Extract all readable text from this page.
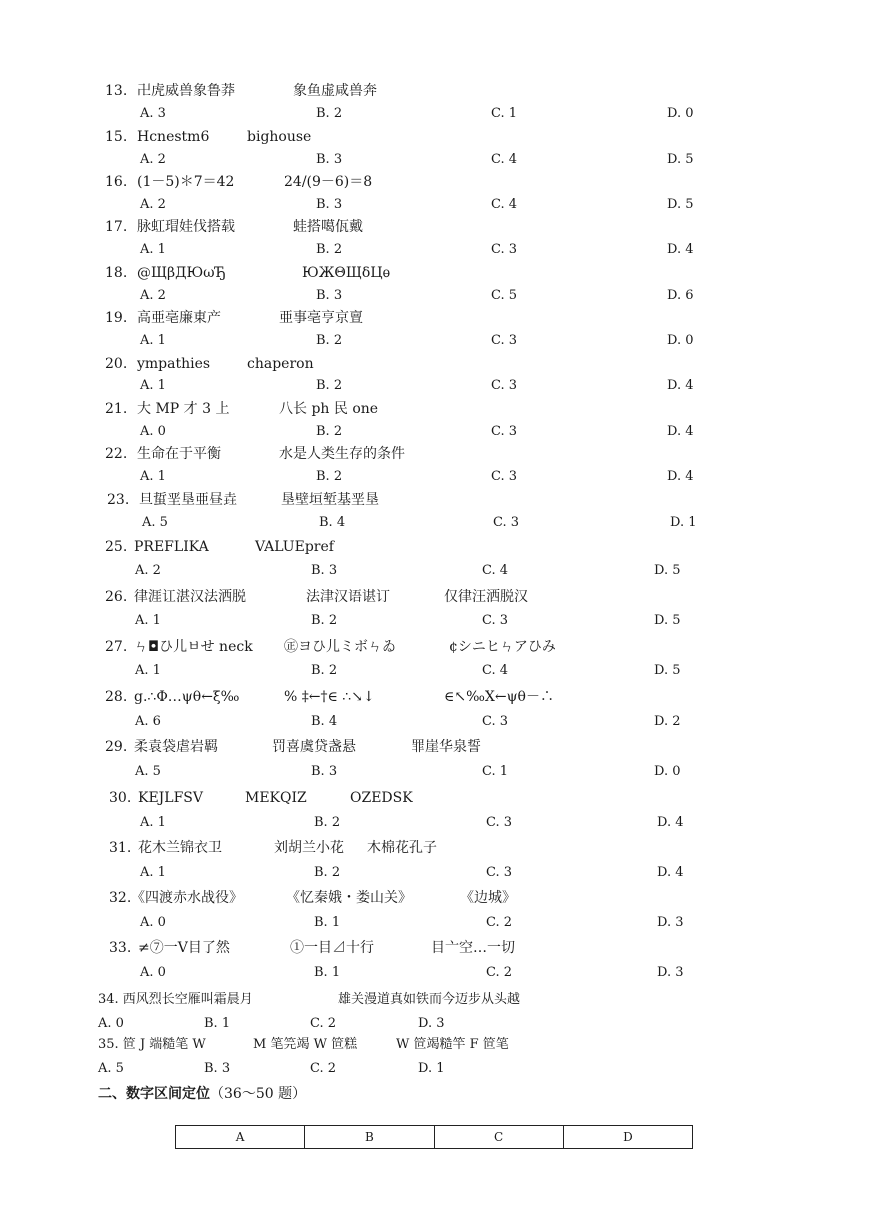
13. 卍虎威兽象鲁莽	象鱼虚咸兽奔
A. 3	B. 2	C. 1	D. 0
15. Hcnestm6	bighouse
A. 2	B. 3	C. 4	D. 5
16. (1－5)＊7＝42	24/(9－6)＝8
A. 2	B. 3	C. 4	D. 5
17. 脉虹瑁娃伐搭载	蛙搭噶佤戴
A. 1	B. 2	C. 3	D. 4
18. @ЩβДЮωЂ	ЮЖΘЩδЦѳ
A. 2	B. 3	C. 5	D. 6
19. 高亜亳廉東产	亜事亳亨京亶
A. 1	B. 2	C. 3	D. 0
20. ympathies	chaperon
A. 1	B. 2	C. 3	D. 4
21. 大 MP 才 3 上	八长 ph 民 one
A. 0	B. 2	C. 3	D. 4
22. 生命在于平衡	水是人类生存的条件
A. 1	B. 2	C. 3	D. 4
23. 旦蜇垩垦亜昼垚	垦壁垣堑基垩垦
A. 5	B. 4	C. 3	D. 1
25. PREFLIKA	VALUEpref
A. 2	B. 3	C. 4	D. 5
26. 律涯讧湛汉法洒脱	法津汉语谌订	仅律汪洒脱汉
A. 1	B. 2	C. 3	D. 5
27. ㄣ◘ひ儿ㅂせ neck ㊣ヨひ儿ミボㄣゐ	¢シニヒㄣアひみ
A. 1	B. 2	C. 4	D. 5
28. g.∴Φ…ψθ←ξ‰	% ‡←†∈ ∴↘↓	∈↖‰X←ψθ－∴
A. 6	B. 4	C. 3	D. 2
29. 柔袁袋虐岩羁	罚喜虞贷盏悬	罪崖华泉誓
A. 5	B. 3	C. 1	D. 0
30. KEJLFSV	MEKQIZ	OZEDSK
A. 1	B. 2	C. 3	D. 4
31. 花木兰锦衣卫	刘胡兰小花 木棉花孔子
A. 1	B. 2	C. 3	D. 4
32. 《四渡赤水战役》	《忆秦娥・娄山关》	《边城》
A. 0	B. 1	C. 2	D. 3
33. ≠⑦一Ⅴ目了然	①一目⊿十行	目亠空…一切
A. 0	B. 1	C. 2	D. 3
34. 西风烈长空雁叫霜晨月	雄关漫道真如铁而今迈步从头越
A. 0	B. 1	C. 2	D. 3
35. 笸 J 端糙笔 W	M 笔笎竭 W 笸糕	W 笸竭糙竿 F 笸笔
A. 5	B. 3	C. 2	D. 1
二、数字区间定位（36～50 题）
A	B	C	D
